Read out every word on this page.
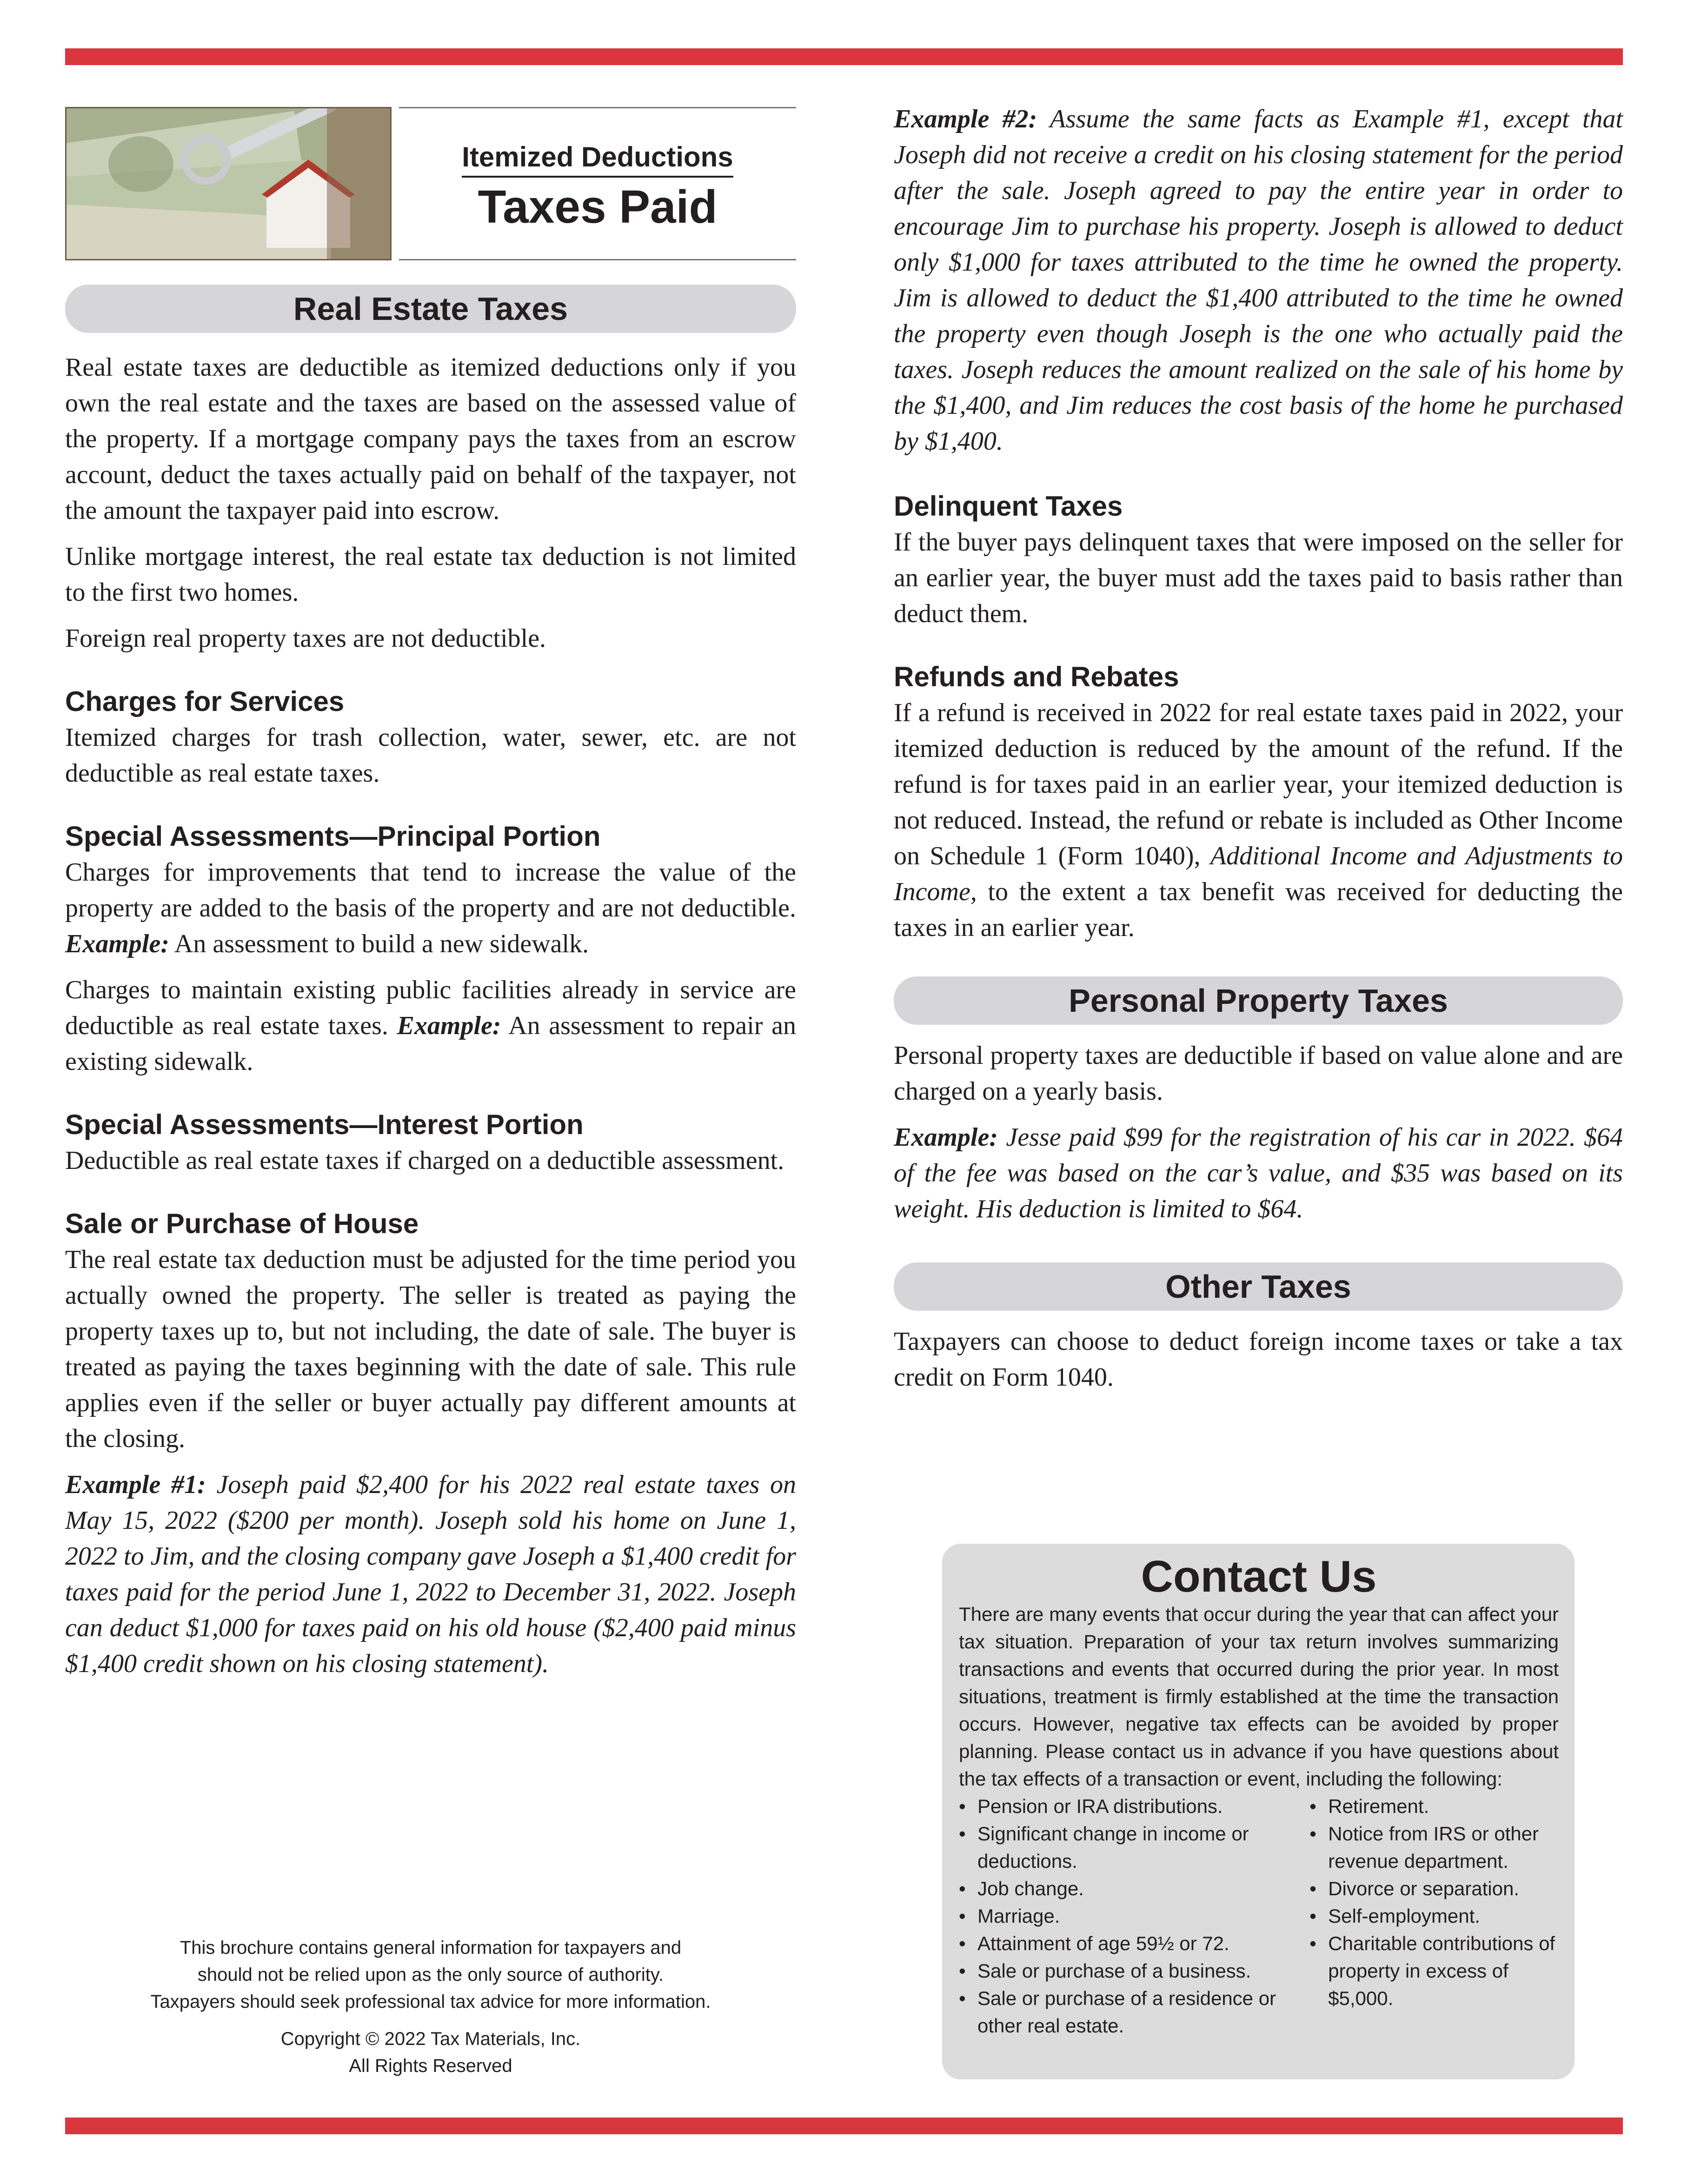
Itemized Deductions
Taxes Paid
Real Estate Taxes

Real estate taxes are deductible as itemized deductions only if you own the real estate and the taxes are based on the assessed value of the property. If a mortgage company pays the taxes from an escrow account, deduct the taxes actually paid on behalf of the taxpayer, not the amount the taxpayer paid into escrow.

Unlike mortgage interest, the real estate tax deduction is not limited to the first two homes.

Foreign real property taxes are not deductible.

Charges for Services

Itemized charges for trash collection, water, sewer, etc. are not deductible as real estate taxes.

Special Assessments—Principal Portion

Charges for improvements that tend to increase the value of the property are added to the basis of the property and are not deductible. Example: An assessment to build a new sidewalk.

Charges to maintain existing public facilities already in service are deductible as real estate taxes. Example: An assessment to repair an existing sidewalk.

Special Assessments—Interest Portion

Deductible as real estate taxes if charged on a deductible assessment.

Sale or Purchase of House

The real estate tax deduction must be adjusted for the time period you actually owned the property. The seller is treated as paying the property taxes up to, but not including, the date of sale. The buyer is treated as paying the taxes beginning with the date of sale. This rule applies even if the seller or buyer actually pay different amounts at the closing.

Example #1: Joseph paid $2,400 for his 2022 real estate taxes on May 15, 2022 ($200 per month). Joseph sold his home on June 1, 2022 to Jim, and the closing company gave Joseph a $1,400 credit for taxes paid for the period June 1, 2022 to December 31, 2022. Joseph can deduct $1,000 for taxes paid on his old house ($2,400 paid minus $1,400 credit shown on his closing statement).

This brochure contains general information for taxpayers and
should not be relied upon as the only source of authority.
Taxpayers should seek professional tax advice for more information.
Copyright © 2022 Tax Materials, Inc.
All Rights Reserved

Example #2: Assume the same facts as Example #1, except that Joseph did not receive a credit on his closing statement for the period after the sale. Joseph agreed to pay the entire year in order to encourage Jim to purchase his property. Joseph is allowed to deduct only $1,000 for taxes attributed to the time he owned the property. Jim is allowed to deduct the $1,400 attributed to the time he owned the property even though Joseph is the one who actually paid the taxes. Joseph reduces the amount realized on the sale of his home by the $1,400, and Jim reduces the cost basis of the home he purchased by $1,400.

Delinquent Taxes

If the buyer pays delinquent taxes that were imposed on the seller for an earlier year, the buyer must add the taxes paid to basis rather than deduct them.

Refunds and Rebates

If a refund is received in 2022 for real estate taxes paid in 2022, your itemized deduction is reduced by the amount of the refund. If the refund is for taxes paid in an earlier year, your itemized deduction is not reduced. Instead, the refund or rebate is included as Other Income on Schedule 1 (Form 1040), Additional Income and Adjustments to Income, to the extent a tax benefit was received for deducting the taxes in an earlier year.

Personal Property Taxes

Personal property taxes are deductible if based on value alone and are charged on a yearly basis.

Example: Jesse paid $99 for the registration of his car in 2022. $64 of the fee was based on the car’s value, and $35 was based on its weight. His deduction is limited to $64.

Other Taxes

Taxpayers can choose to deduct foreign income taxes or take a tax credit on Form 1040.

Contact Us

There are many events that occur during the year that can affect your tax situation. Preparation of your tax return involves summarizing transactions and events that occurred during the prior year. In most situations, treatment is firmly established at the time the transaction occurs. However, negative tax effects can be avoided by proper planning. Please contact us in advance if you have questions about the tax effects of a transaction or event, including the following:

• Pension or IRA distributions.
• Significant change in income or deductions.
• Job change.
• Marriage.
• Attainment of age 59½ or 72.
• Sale or purchase of a business.
• Sale or purchase of a residence or other real estate.
• Retirement.
• Notice from IRS or other revenue department.
• Divorce or separation.
• Self-employment.
• Charitable contributions of property in excess of $5,000.
